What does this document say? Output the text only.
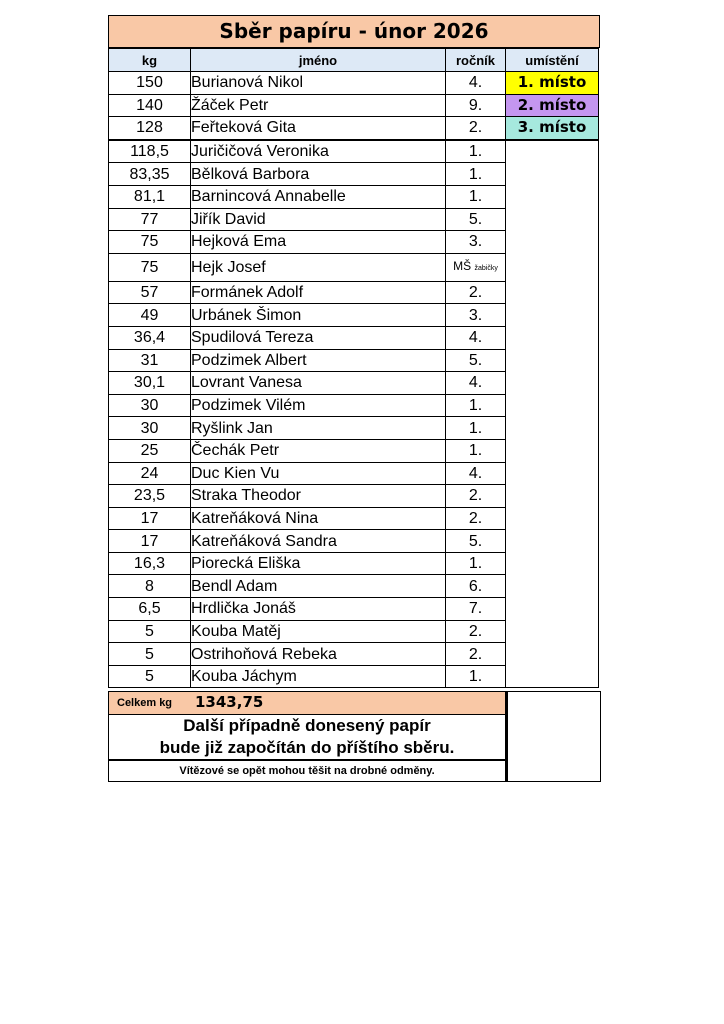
Sběr papíru - únor 2026
kg	jméno	ročník	umístění
150	Burianová Nikol	4.	1. místo
140	Žáček Petr	9.	2. místo
128	Feřteková Gita	2.	3. místo
118,5	Juričičová Veronika	1.	
83,35	Bělková Barbora	1.	
81,1	Barnincová Annabelle	1.	
77	Jiřík David	5.	
75	Hejková Ema	3.	
75	Hejk Josef	MŠ žabičky	
57	Formánek Adolf	2.	
49	Urbánek Šimon	3.	
36,4	Spudilová Tereza	4.	
31	Podzimek Albert	5.	
30,1	Lovrant Vanesa	4.	
30	Podzimek Vilém	1.	
30	Ryšlink Jan	1.	
25	Čechák Petr	1.	
24	Duc Kien Vu	4.	
23,5	Straka Theodor	2.	
17	Katreňáková Nina	2.	
17	Katreňáková Sandra	5.	
16,3	Piorecká Eliška	1.	
8	Bendl Adam	6.	
6,5	Hrdlička Jonáš	7.	
5	Kouba Matěj	2.	
5	Ostrihoňová Rebeka	2.	
5	Kouba Jáchym	1.	
Celkem kg 1343,75
Další případně donesený papír
bude již započítán do příštího sběru.
Vítězové se opět mohou těšit na drobné odměny.
